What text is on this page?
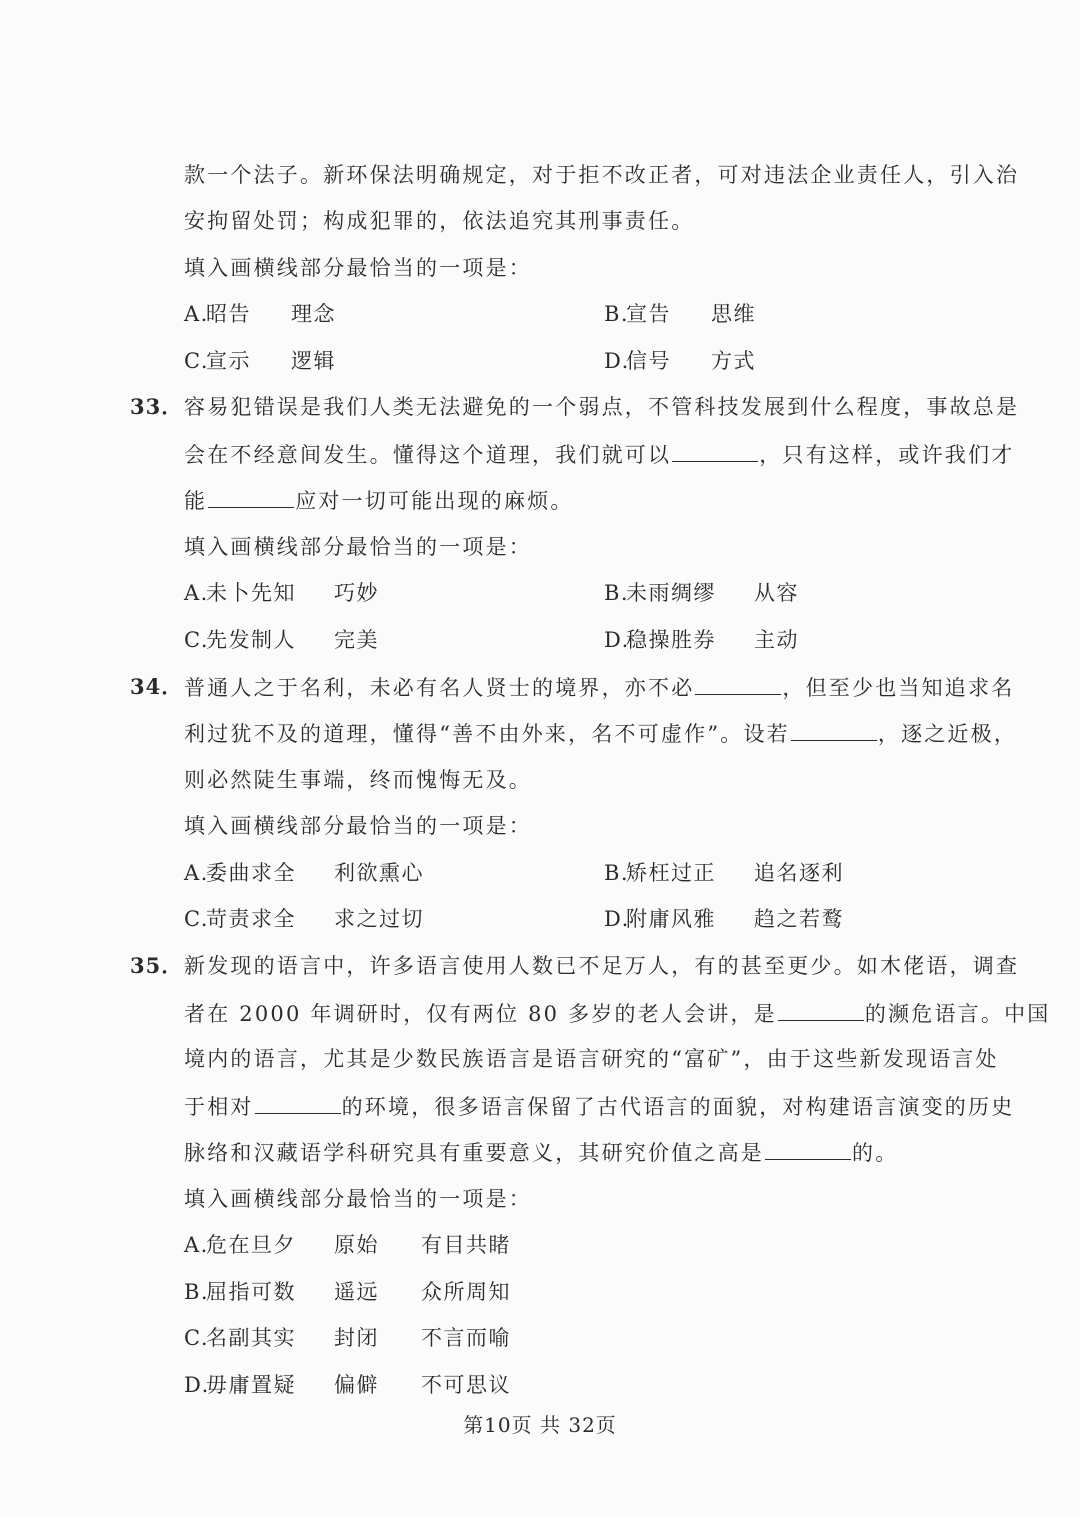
款一个法子。新环保法明确规定，对于拒不改正者，可对违法企业责任人，引入治
安拘留处罚；构成犯罪的，依法追究其刑事责任。
填入画横线部分最恰当的一项是：
A.
昭告 理念	B.
宣告 思维
C.
宣示 逻辑	D.
信号 方式
33． 容易犯错误是我们人类无法避免的一个弱点，不管科技发展到什么程度，事故总是
会在不经意间发生。懂得这个道理，我们就可以	，只有这样，或许我们才
能	应对一切可能出现的麻烦。
填入画横线部分最恰当的一项是：
A.
未卜先知 巧妙	B.
未雨绸缪 从容
C.
先发制人 完美	D.
稳操胜券 主动
34． 普通人之于名利，未必有名人贤士的境界，亦不必	，但至少也当知追求名
利过犹不及的道理，懂得“善不由外来，名不可虚作”。设若	，逐之近极，
则必然陡生事端，终而愧悔无及。
填入画横线部分最恰当的一项是：
A.
委曲求全 利欲熏心	B.
矫枉过正 追名逐利
C.
苛责求全 求之过切	D.
附庸风雅 趋之若鹜
35． 新发现的语言中，许多语言使用人数已不足万人，有的甚至更少。如木佬语，调查
者在 2000 年调研时，仅有两位 80 多岁的老人会讲，是	的濒危语言。中国
境内的语言，尤其是少数民族语言是语言研究的“富矿”，由于这些新发现语言处
于相对	的环境，很多语言保留了古代语言的面貌，对构建语言演变的历史
脉络和汉藏语学科研究具有重要意义，其研究价值之高是	的。
填入画横线部分最恰当的一项是：
A.
危在旦夕 原始 有目共睹
B.
屈指可数 遥远 众所周知
C.
名副其实 封闭 不言而喻
D.
毋庸置疑 偏僻 不可思议
第10页 共 32页
